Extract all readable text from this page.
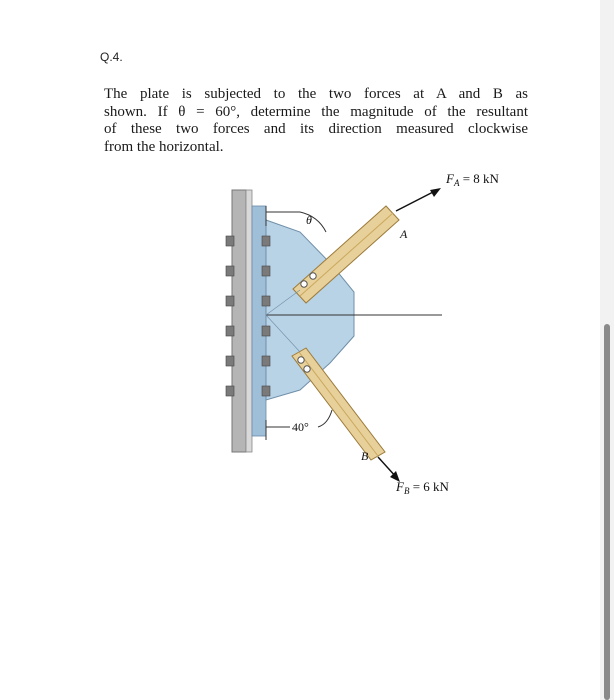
Q.4.

The plate is subjected to the two forces at A and B as
shown. If θ = 60°, determine the magnitude of the resultant
of these two forces and its direction measured clockwise
from the horizontal.

θ
40°
A
B
$F_A = 8$ kN
$F_B = 6$ kN
